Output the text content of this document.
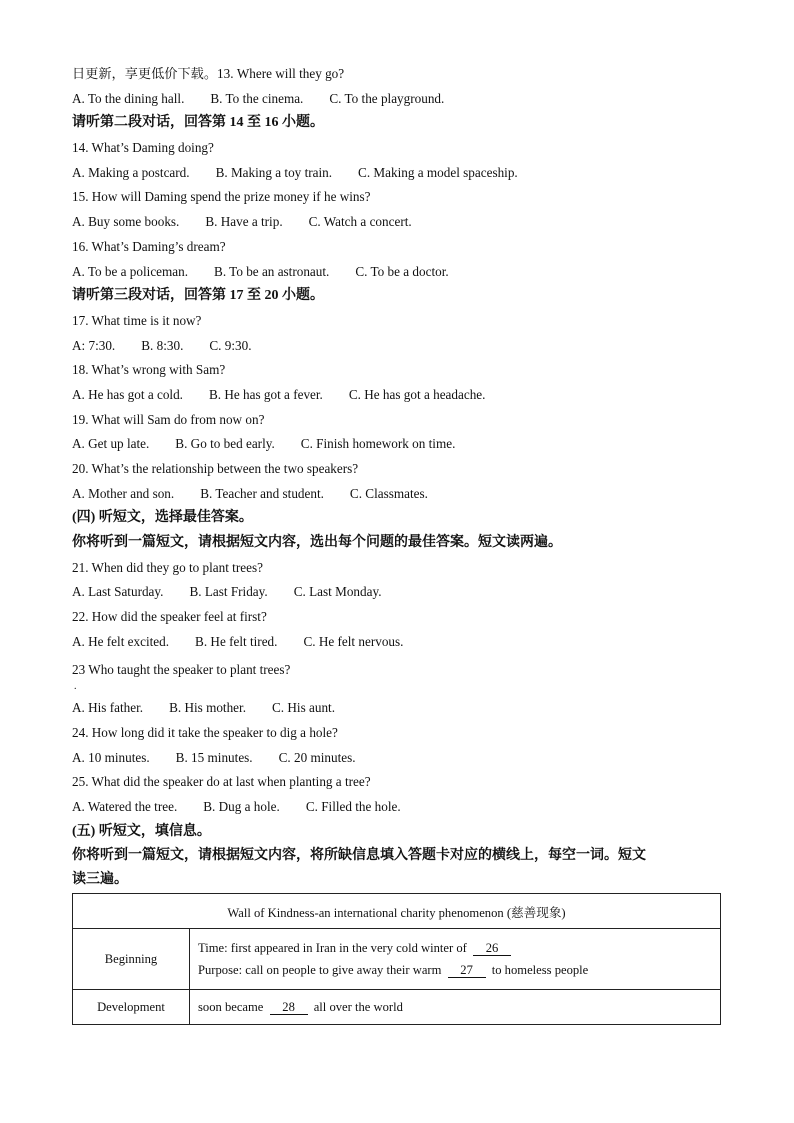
日更新，享更低价下载。13. Where will they go?
A. To the dining hall. B. To the cinema. C. To the playground.
请听第二段对话，回答第 14 至 16 小题。
14. What’s Daming doing?
A. Making a postcard. B. Making a toy train. C. Making a model spaceship.
15. How will Daming spend the prize money if he wins?
A. Buy some books. B. Have a trip. C. Watch a concert.
16. What’s Daming’s dream?
A. To be a policeman. B. To be an astronaut. C. To be a doctor.
请听第三段对话，回答第 17 至 20 小题。
17. What time is it now?
A: 7:30. B. 8:30. C. 9:30.
18. What’s wrong with Sam?
A. He has got a cold. B. He has got a fever. C. He has got a headache.
19. What will Sam do from now on?
A. Get up late. B. Go to bed early. C. Finish homework on time.
20. What’s the relationship between the two speakers?
A. Mother and son. B. Teacher and student. C. Classmates.
(四) 听短文，选择最佳答案。
你将听到一篇短文，请根据短文内容，选出每个问题的最佳答案。短文读两遍。
21. When did they go to plant trees?
A. Last Saturday. B. Last Friday. C. Last Monday.
22. How did the speaker feel at first?
A. He felt excited. B. He felt tired. C. He felt nervous.
23 Who taught the speaker to plant trees?
.
A. His father. B. His mother. C. His aunt.
24. How long did it take the speaker to dig a hole?
A. 10 minutes. B. 15 minutes. C. 20 minutes.
25. What did the speaker do at last when planting a tree?
A. Watered the tree. B. Dug a hole. C. Filled the hole.
(五) 听短文，填信息。
你将听到一篇短文，请根据短文内容，将所缺信息填入答题卡对应的横线上，每空一词。短文
读三遍。
Wall of Kindness-an international charity phenomenon (慈善现象)	
Beginning	Time: first appeared in Iran in the very cold winter of 26
Purpose: call on people to give away their warm 27 to homeless people

Development	soon became 28 all over the world
